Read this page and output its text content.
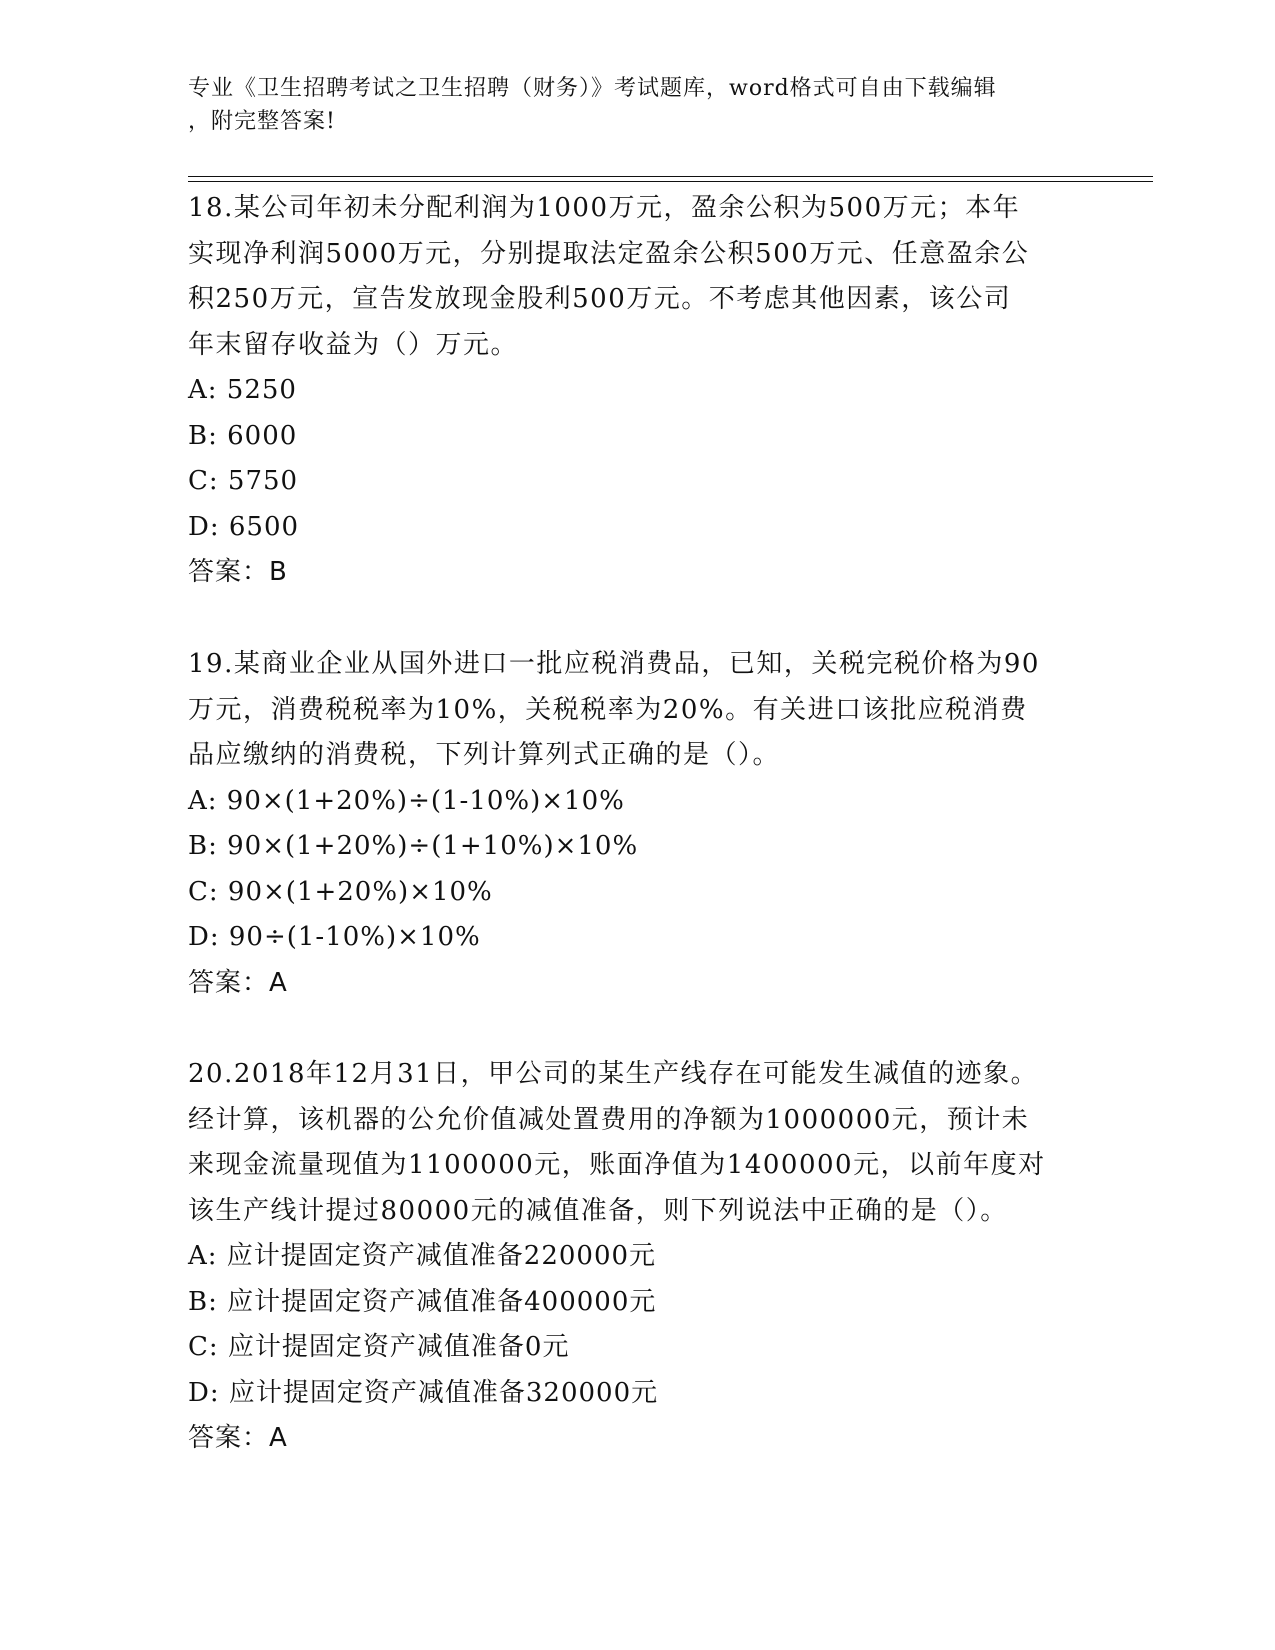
专业《卫生招聘考试之卫生招聘（财务）》考试题库，word格式可自由下载编辑
，附完整答案!
18.某公司年初未分配利润为1000万元，盈余公积为500万元；本年
实现净利润5000万元，分别提取法定盈余公积500万元、任意盈余公
积250万元，宣告发放现金股利500万元。不考虑其他因素，该公司
年末留存收益为（）万元。
A: 5250
B: 6000
C: 5750
D: 6500
答案：B
19.某商业企业从国外进口一批应税消费品，已知，关税完税价格为90
万元，消费税税率为10%，关税税率为20%。有关进口该批应税消费
品应缴纳的消费税，下列计算列式正确的是（）。
A: 90×(1+20%)÷(1-10%)×10%
B: 90×(1+20%)÷(1+10%)×10%
C: 90×(1+20%)×10%
D: 90÷(1-10%)×10%
答案：A
20.2018年12月31日，甲公司的某生产线存在可能发生减值的迹象。
经计算，该机器的公允价值减处置费用的净额为1000000元，预计未
来现金流量现值为1100000元，账面净值为1400000元，以前年度对
该生产线计提过80000元的减值准备，则下列说法中正确的是（）。
A: 应计提固定资产减值准备220000元
B: 应计提固定资产减值准备400000元
C: 应计提固定资产减值准备0元
D: 应计提固定资产减值准备320000元
答案：A
